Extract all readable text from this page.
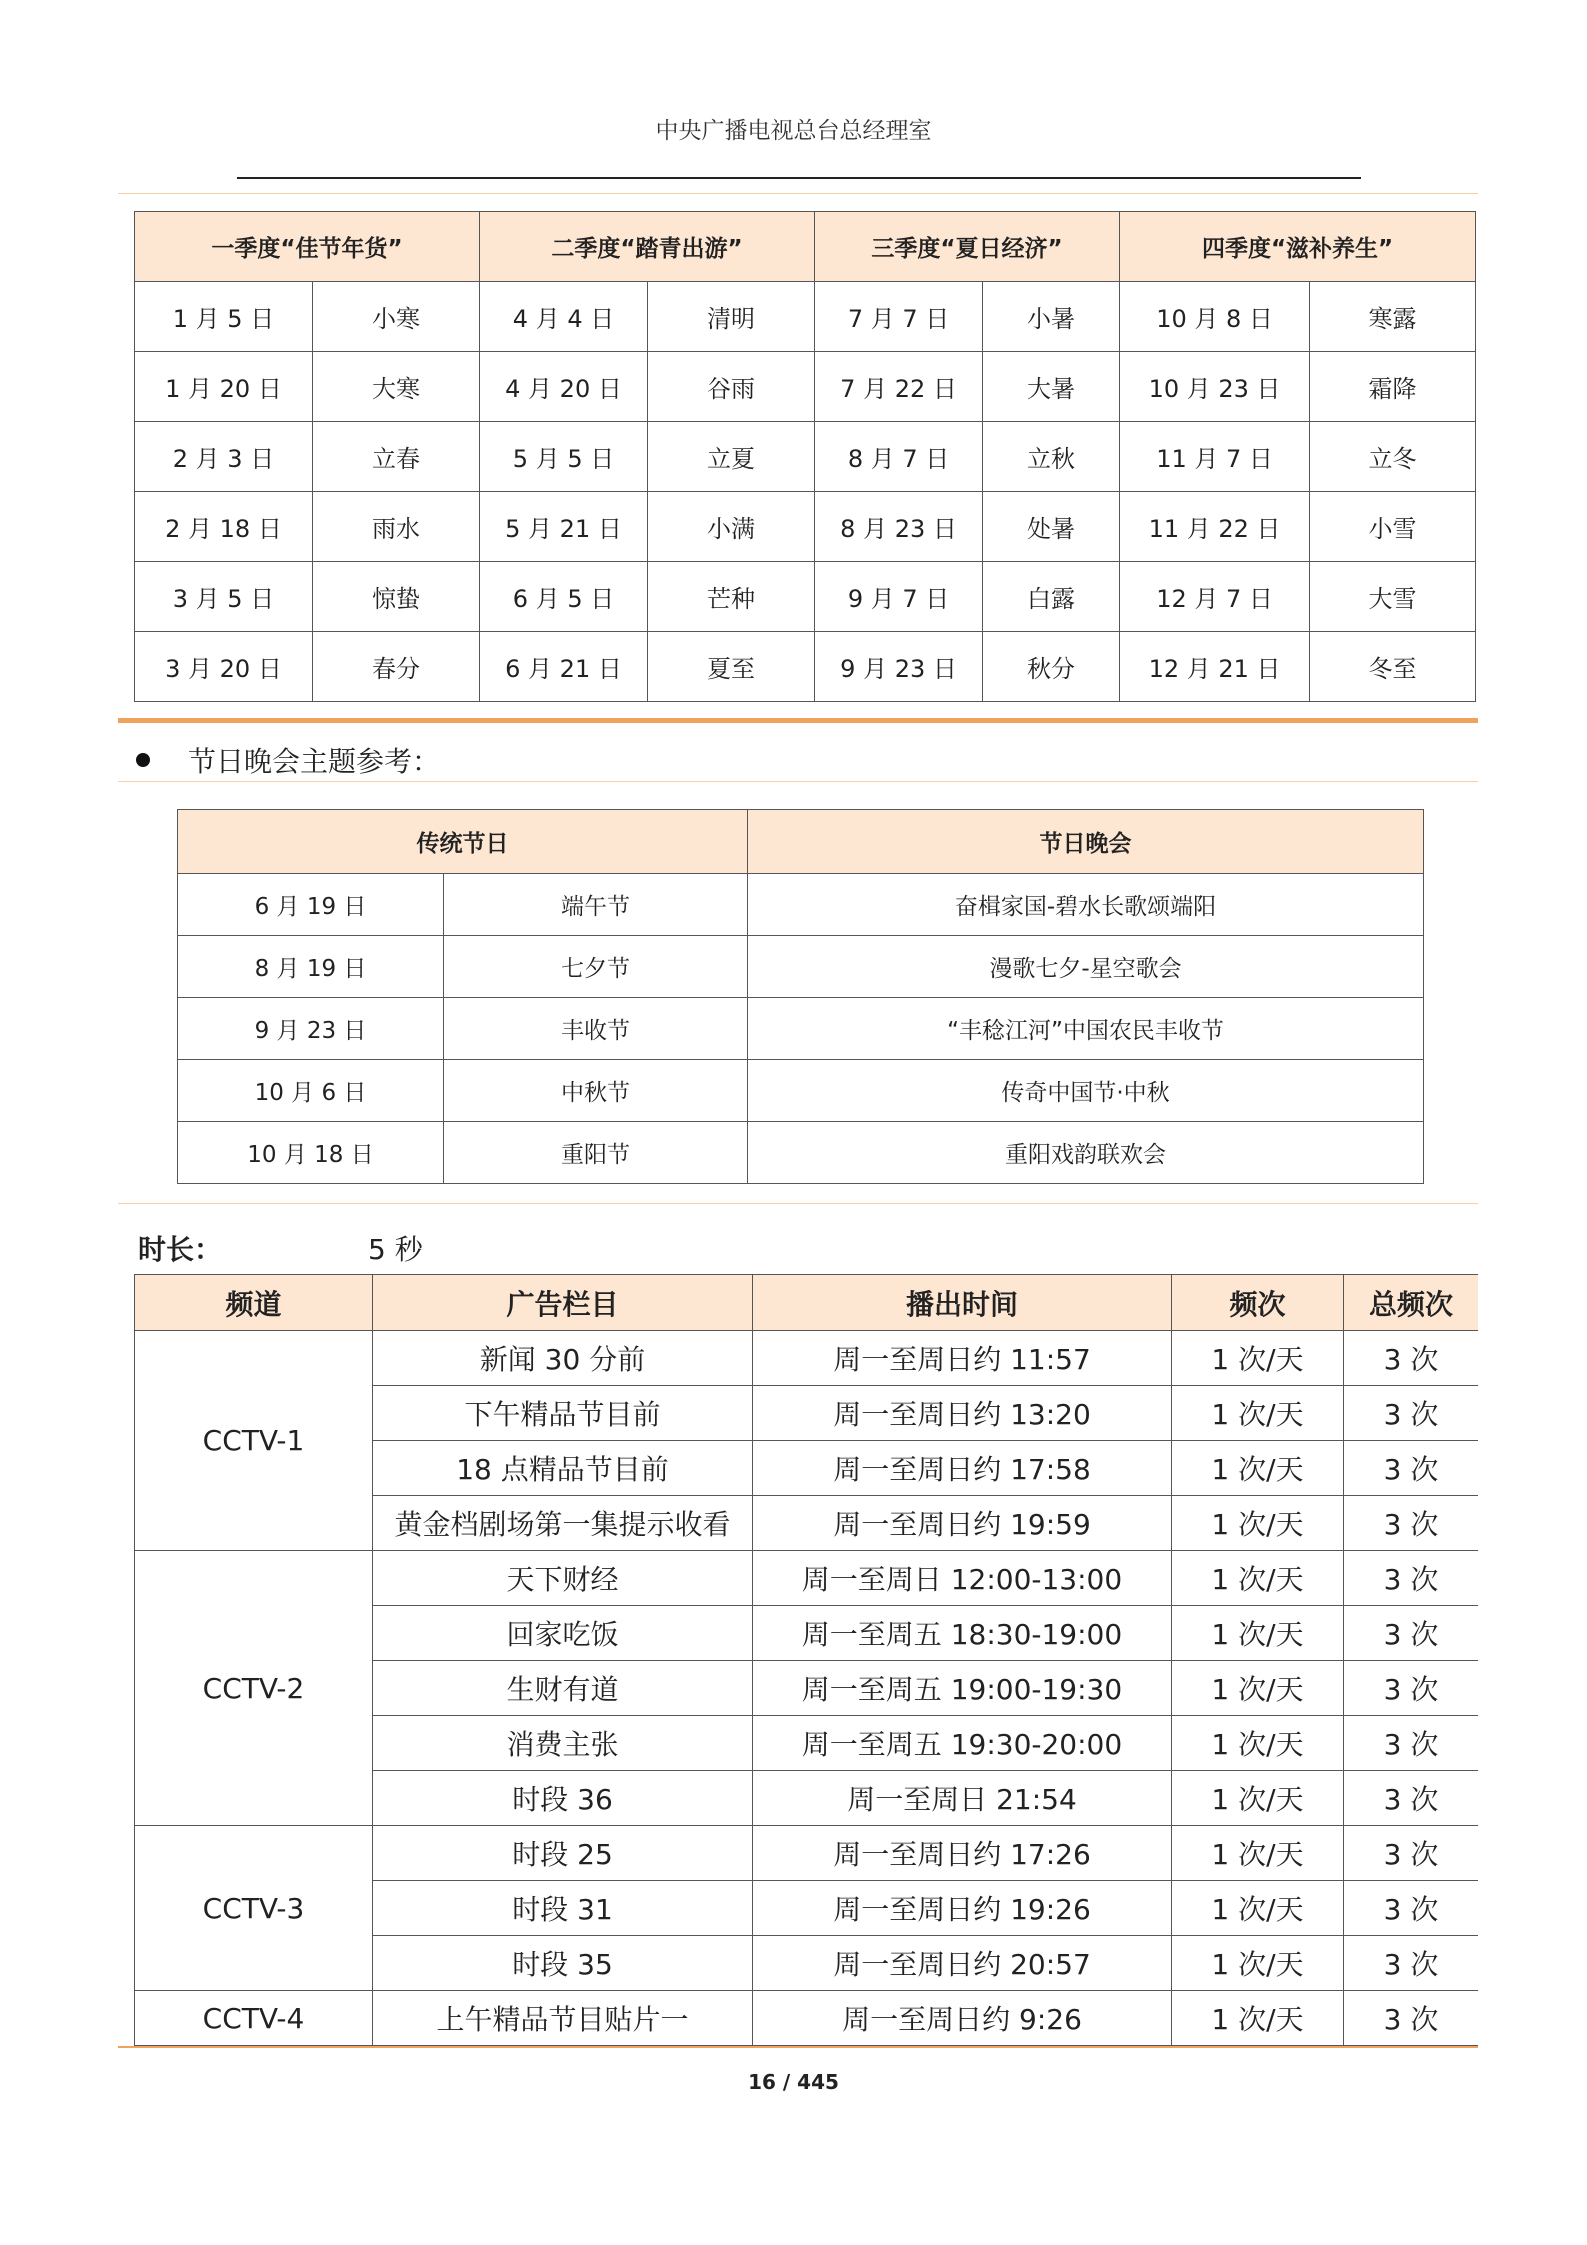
中央广播电视总台总经理室
一季度“佳节年货”		二季度“踏青出游”		三季度“夏日经济”		四季度“滋补养生”	
1 月 5 日	小寒	4 月 4 日	清明	7 月 7 日	小暑	10 月 8 日	寒露
1 月 20 日	大寒	4 月 20 日	谷雨	7 月 22 日	大暑	10 月 23 日	霜降
2 月 3 日	立春	5 月 5 日	立夏	8 月 7 日	立秋	11 月 7 日	立冬
2 月 18 日	雨水	5 月 21 日	小满	8 月 23 日	处暑	11 月 22 日	小雪
3 月 5 日	惊蛰	6 月 5 日	芒种	9 月 7 日	白露	12 月 7 日	大雪
3 月 20 日	春分	6 月 21 日	夏至	9 月 23 日	秋分	12 月 21 日	冬至
节日晚会主题参考：
传统节日		节日晚会
6 月 19 日	端午节	奋楫家国-碧水长歌颂端阳
8 月 19 日	七夕节	漫歌七夕-星空歌会
9 月 23 日	丰收节	“丰稔江河”中国农民丰收节
10 月 6 日	中秋节	传奇中国节·中秋
10 月 18 日	重阳节	重阳戏韵联欢会
时长：	5 秒
频道	广告栏目	播出时间	频次	总频次
CCTV-1	新闻 30 分前	周一至周日约 11:57	1 次/天	3 次
	下午精品节目前	周一至周日约 13:20	1 次/天	3 次
	18 点精品节目前	周一至周日约 17:58	1 次/天	3 次
	黄金档剧场第一集提示收看	周一至周日约 19:59	1 次/天	3 次
CCTV-2	天下财经	周一至周日 12:00-13:00	1 次/天	3 次
	回家吃饭	周一至周五 18:30-19:00	1 次/天	3 次
	生财有道	周一至周五 19:00-19:30	1 次/天	3 次
	消费主张	周一至周五 19:30-20:00	1 次/天	3 次
	时段 36	周一至周日 21:54	1 次/天	3 次
CCTV-3	时段 25	周一至周日约 17:26	1 次/天	3 次
	时段 31	周一至周日约 19:26	1 次/天	3 次
	时段 35	周一至周日约 20:57	1 次/天	3 次
CCTV-4	上午精品节目贴片一	周一至周日约 9:26	1 次/天	3 次
16 / 445
